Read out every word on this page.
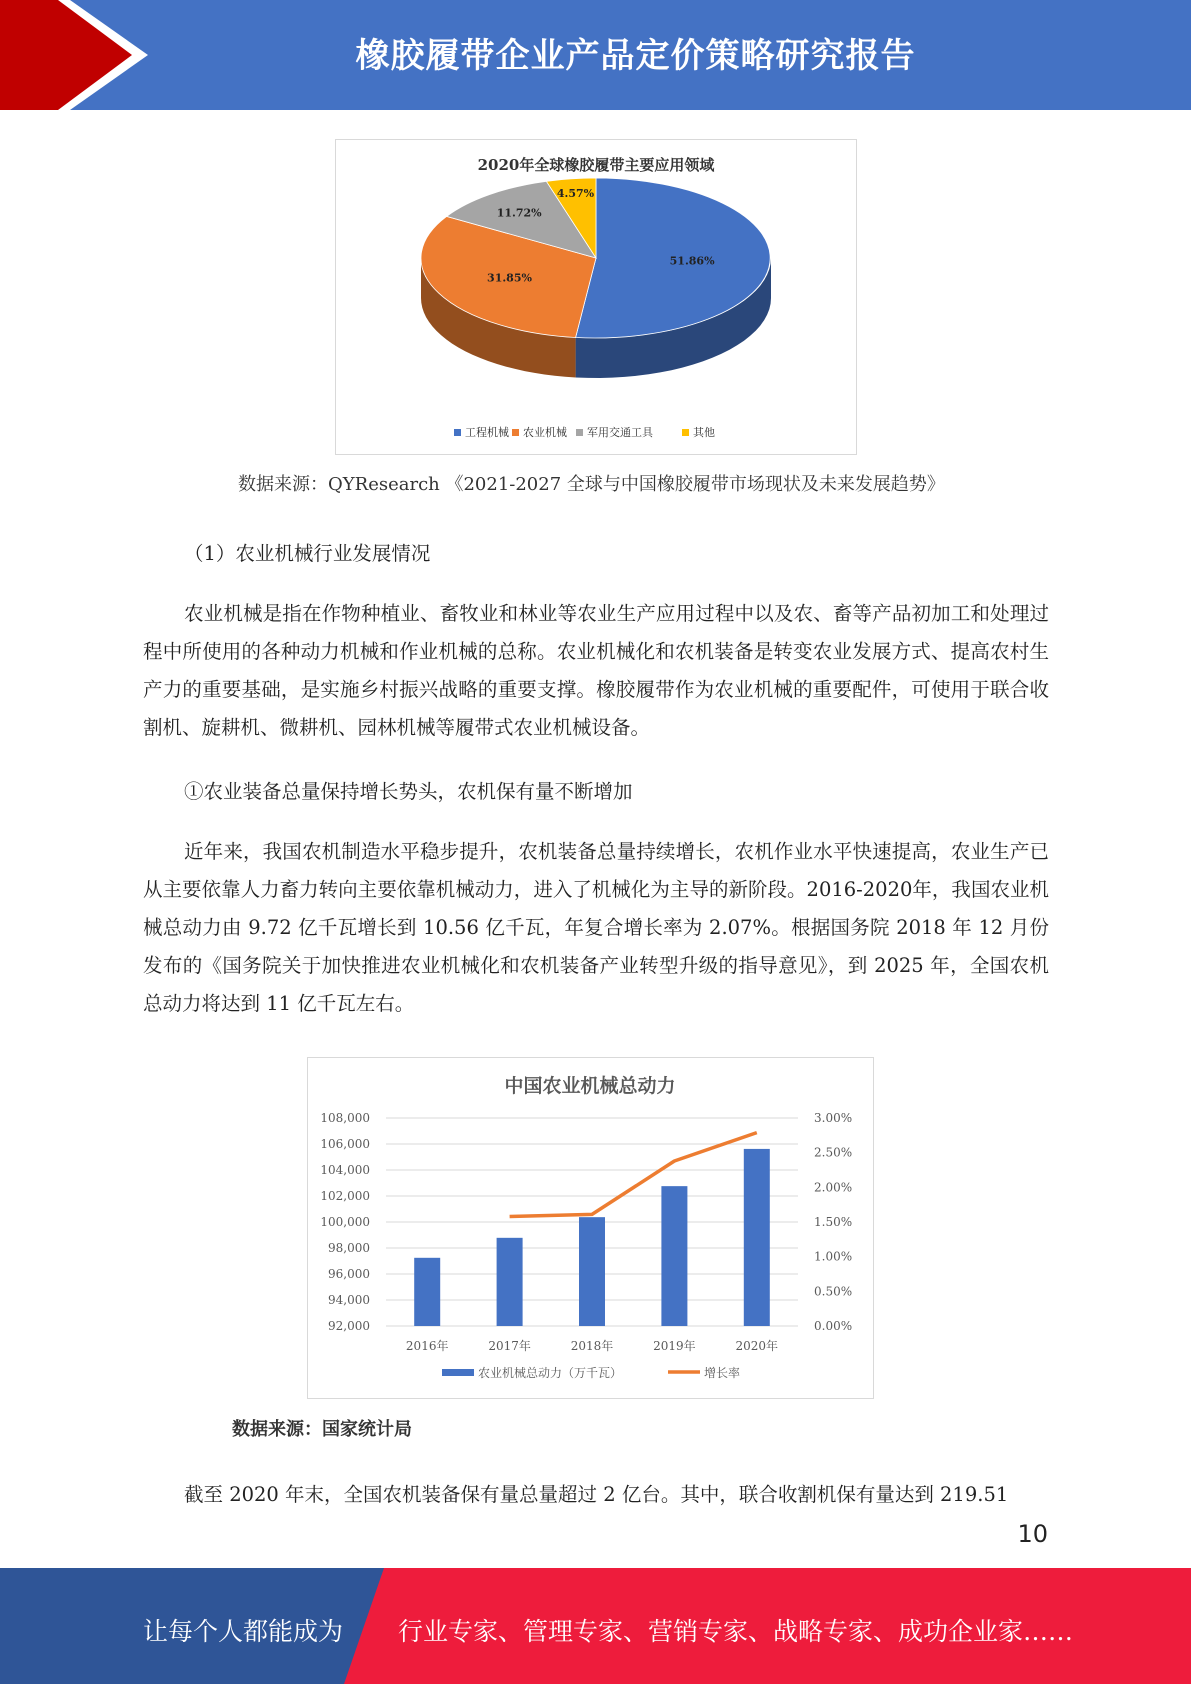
橡胶履带企业产品定价策略研究报告
2020年全球橡胶履带主要应用领域
51.86%
31.85%
11.72%
4.57%
工程机械 农业机械 军用交通工具	其他
数据来源：QYResearch 《2021-2027 全球与中国橡胶履带市场现状及未来发展趋势》

（1）农业机械行业发展情况

农业机械是指在作物种植业、畜牧业和林业等农业生产应用过程中以及农、畜等产品初加工和处理过程中所使用的各种动力机械和作业机械的总称。农业机械化和农机装备是转变农业发展方式、提高农村生产力的重要基础，是实施乡村振兴战略的重要支撑。橡胶履带作为农业机械的重要配件，可使用于联合收割机、旋耕机、微耕机、园林机械等履带式农业机械设备。

①农业装备总量保持增长势头，农机保有量不断增加

近年来，我国农机制造水平稳步提升，农机装备总量持续增长，农机作业水平快速提高，农业生产已从主要依靠人力畜力转向主要依靠机械动力，进入了机械化为主导的新阶段。2016-2020年，我国农业机械总动力由 9.72 亿千瓦增长到 10.56 亿千瓦，年复合增长率为 2.07%。根据国务院 2018 年 12 月份发布的《国务院关于加快推进农业机械化和农机装备产业转型升级的指导意见》，到 2025 年，全国农机总动力将达到 11 亿千瓦左右。

中国农业机械总动力
92,000
94,000
96,000
98,000
100,000
102,000
104,000
106,000
108,000
0.00%
0.50%
1.00%
1.50%
2.00%
2.50%
3.00%
2016年	2017年	2018年	2019年	2020年
农业机械总动力（万千瓦）	增长率
数据来源：国家统计局

截至 2020 年末，全国农机装备保有量总量超过 2 亿台。其中，联合收割机保有量达到 219.51

10
让每个人都能成为 行业专家、管理专家、营销专家、战略专家、成功企业家……
